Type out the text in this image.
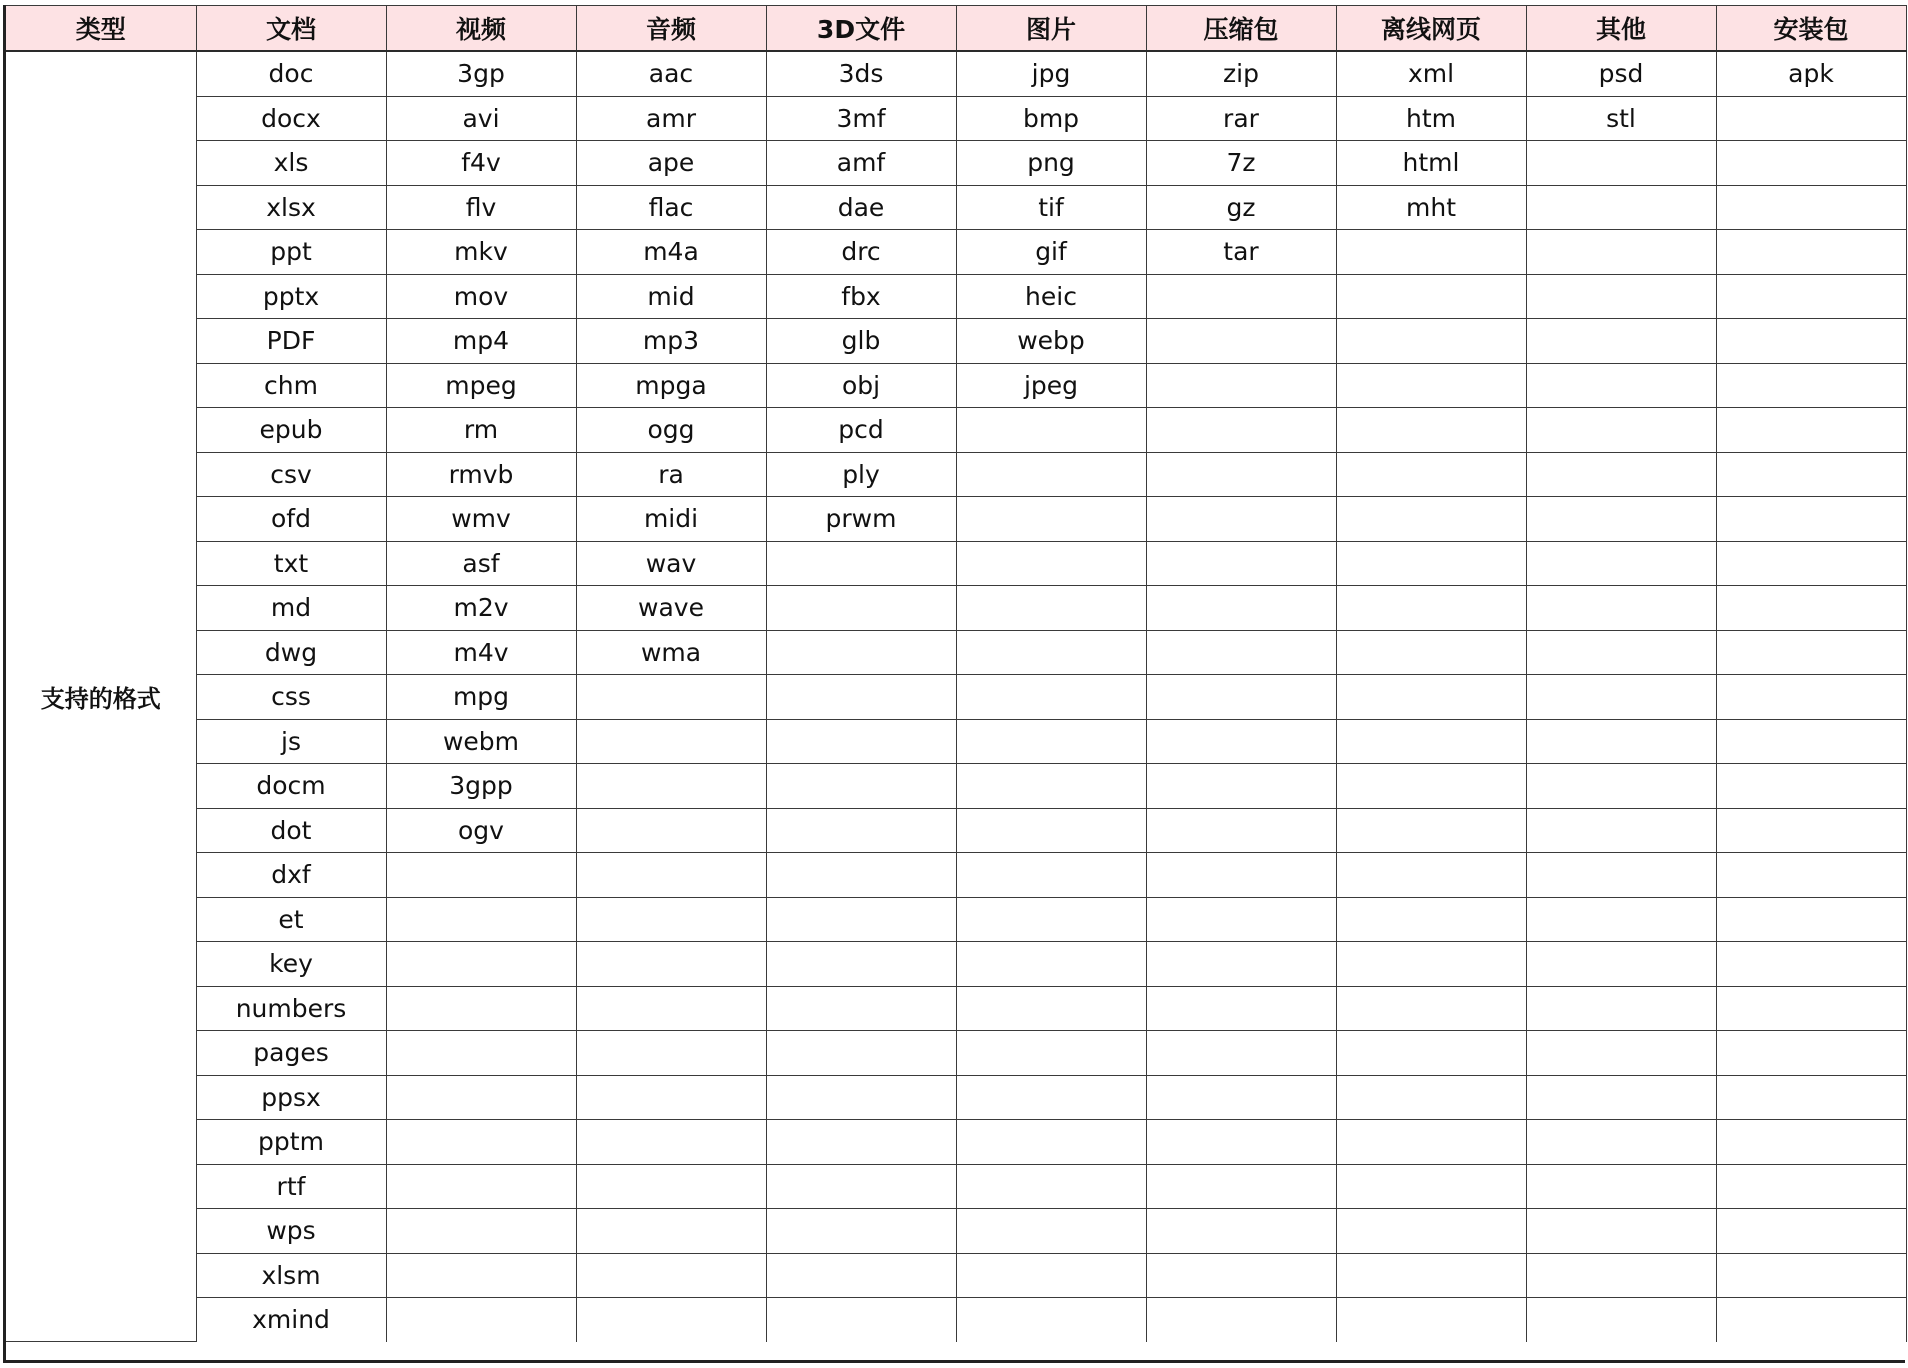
类型	文档	视频	音频	3D文件	图片	压缩包	离线网页	其他	安装包
支持的格式	doc	3gp	aac	3ds	jpg	zip	xml	psd	apk
	docx	avi	amr	3mf	bmp	rar	htm	stl	
	xls	f4v	ape	amf	png	7z	html		
	xlsx	flv	flac	dae	tif	gz	mht		
	ppt	mkv	m4a	drc	gif	tar			
	pptx	mov	mid	fbx	heic				
	PDF	mp4	mp3	glb	webp				
	chm	mpeg	mpga	obj	jpeg				
	epub	rm	ogg	pcd					
	csv	rmvb	ra	ply					
	ofd	wmv	midi	prwm					
	txt	asf	wav						
	md	m2v	wave						
	dwg	m4v	wma						
	css	mpg							
	js	webm							
	docm	3gpp							
	dot	ogv							
	dxf								
	et								
	key								
	numbers								
	pages								
	ppsx								
	pptm								
	rtf								
	wps								
	xlsm								
	xmind								
